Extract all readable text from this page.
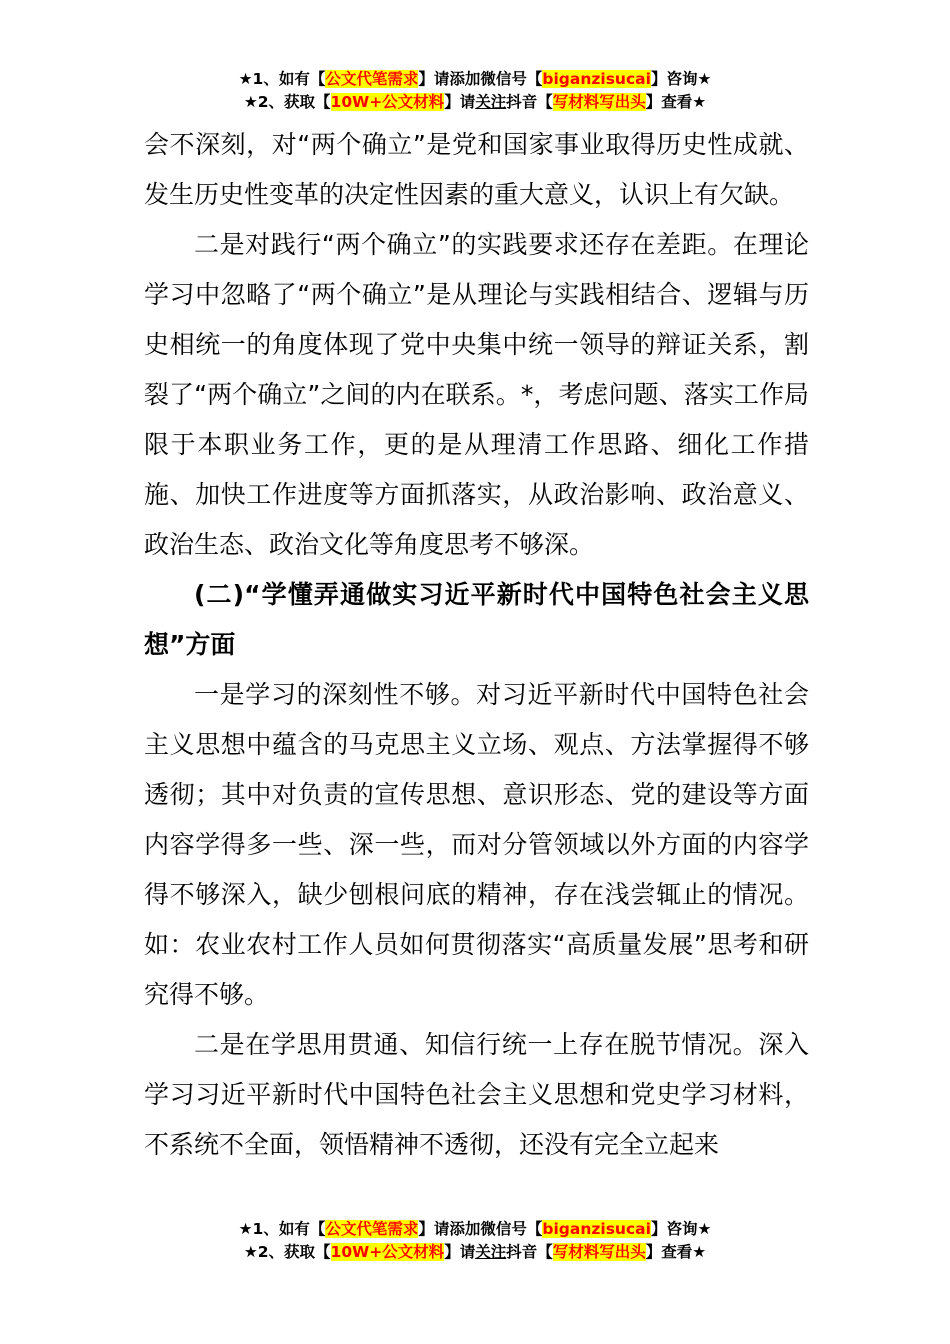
★1、如有【公文代笔需求】请添加微信号【biganzisucai】咨询★
★2、获取【10W+公文材料】请关注抖音【写材料写出头】查看★

会不深刻，对“两个确立”是党和国家事业取得历史性成就、发生历史性变革的决定性因素的重大意义，认识上有欠缺。

二是对践行“两个确立”的实践要求还存在差距。在理论学习中忽略了“两个确立”是从理论与实践相结合、逻辑与历史相统一的角度体现了党中央集中统一领导的辩证关系，割裂了“两个确立”之间的内在联系。*，考虑问题、落实工作局限于本职业务工作，更的是从理清工作思路、细化工作措施、加快工作进度等方面抓落实，从政治影响、政治意义、政治生态、政治文化等角度思考不够深。

(二)“学懂弄通做实习近平新时代中国特色社会主义思想”方面

一是学习的深刻性不够。对习近平新时代中国特色社会主义思想中蕴含的马克思主义立场、观点、方法掌握得不够透彻；其中对负责的宣传思想、意识形态、党的建设等方面内容学得多一些、深一些，而对分管领域以外方面的内容学得不够深入，缺少刨根问底的精神，存在浅尝辄止的情况。如：农业农村工作人员如何贯彻落实“高质量发展”思考和研究得不够。

二是在学思用贯通、知信行统一上存在脱节情况。深入学习习近平新时代中国特色社会主义思想和党史学习材料，不系统不全面，领悟精神不透彻，还没有完全立起来

★1、如有【公文代笔需求】请添加微信号【biganzisucai】咨询★
★2、获取【10W+公文材料】请关注抖音【写材料写出头】查看★
